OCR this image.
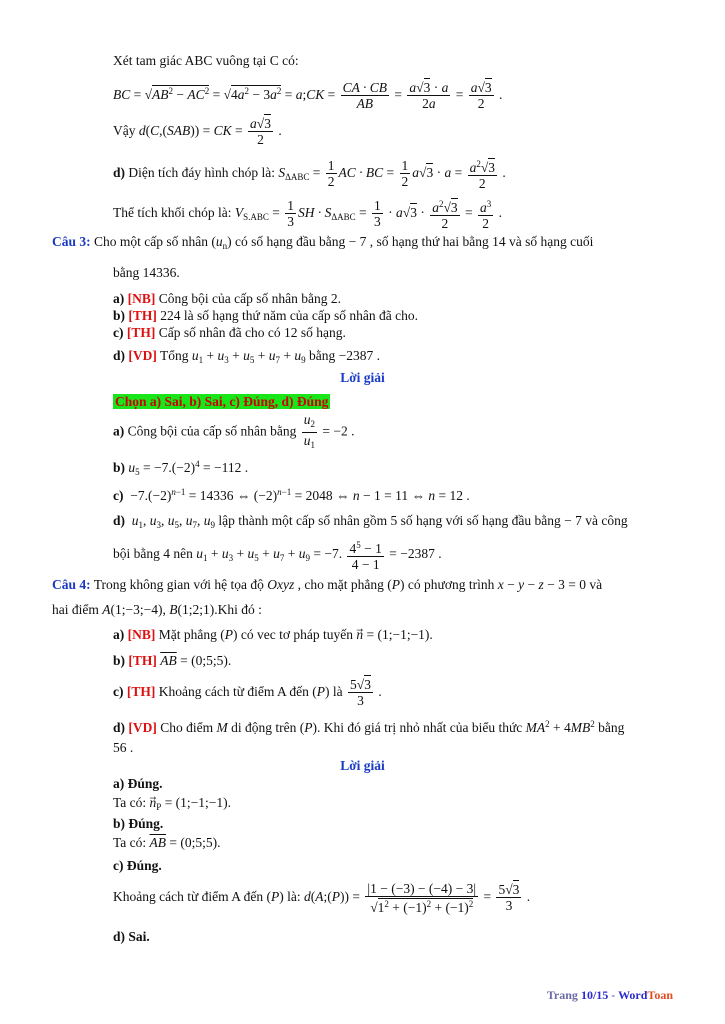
Xét tam giác ABC vuông tại C có:
BC = $√AB^2 - AC^2 = √4a^2 - 3a^2$ = a;CK = $\frac{CA \cdot CB}{AB} = \frac{a√3 \cdot a}{2a} = \frac{a√3}{2}$ .
Vậy d(C,(SAB)) = CK = $\frac{a√3}{2}$ .
d) Diện tích đáy hình chóp là: $S_{\Delta ABC} = \frac{1}{2}$ AC · BC = $\frac{1}{2} a√3 \cdot a = \frac{a^2√3}{2}$ .
Thể tích khối chóp là: $V_{S.ABC} = \frac{1}{3}$ SH · $S_{\Delta ABC} = \frac{1}{3} \cdot a√3 \cdot \frac{a^2√3}{2} = \frac{a^3}{2}$ .
Câu 3: Cho một cấp số nhân $(u_n)$ có số hạng đầu bằng − 7 , số hạng thứ hai bằng 14 và số hạng cuối
bằng 14336.
a) [NB] Công bội của cấp số nhân bằng 2.
b) [TH] 224 là số hạng thứ năm của cấp số nhân đã cho.
c) [TH] Cấp số nhân đã cho có 12 số hạng.
d) [VD] Tổng $u_1 + u_3 + u_5 + u_7 + u_9$ bằng −2387 .
Lời giải
Chọn a) Sai, b) Sai, c) Đúng, d) Đúng
a) Công bội của cấp số nhân bằng $\frac{u_2}{u_1} = -2$ .
b) $u_5 = -7.(-2)^4 = -112$ .
$c) -7.(-2)^{n-1} = 14336$ ⇔ $(-2)^{n-1} = 2048$ ⇔ n − 1 = 11 ⇔ n = 12 .
d) $u_1$, $u_3$, $u_5$, $u_7$, $u_9$ lập thành một cấp số nhân gồm 5 số hạng với số hạng đầu bằng − 7 và công
bội bằng 4 nên $u_1 + u_3 + u_5 + u_7 + u_9 = -7$. $\frac{4^5 - 1}{4 - 1} = -2387$ .
Câu 4: Trong không gian với hệ tọa độ Oxyz , cho mặt phẳng (P) có phương trình x − y − z − 3 = 0 và
hai điểm A(1;−3;−4), B(1;2;1).Khi đó :
a) [NB] Mặt phẳng (P) có vec tơ pháp tuyến n⃗ = (1;−1;−1).
b) [TH] $\overline{AB}$ = (0;5;5).
c) [TH] Khoảng cách từ điểm A đến (P) là $\frac{5√3}{3}$ .
d) [VD] Cho điểm M di động trên (P). Khi đó giá trị nhỏ nhất của biểu thức $MA^2 + 4MB^2$ bằng
56 .
Lời giải
a) Đúng.
Ta có: $n_P$ = (1;−1;−1).
b) Đúng.
Ta có: $\overline{AB}$ = (0;5;5).
c) Đúng.
Khoảng cách từ điểm A đến (P) là: d(A;(P)) = $\frac{|1 - (-3) - (-4) - 3|}{√1^2 + (-1)^2 + (-1)^2} = \frac{5√3}{3}$ .
d) Sai.
Trang 10/15 - WordToan
